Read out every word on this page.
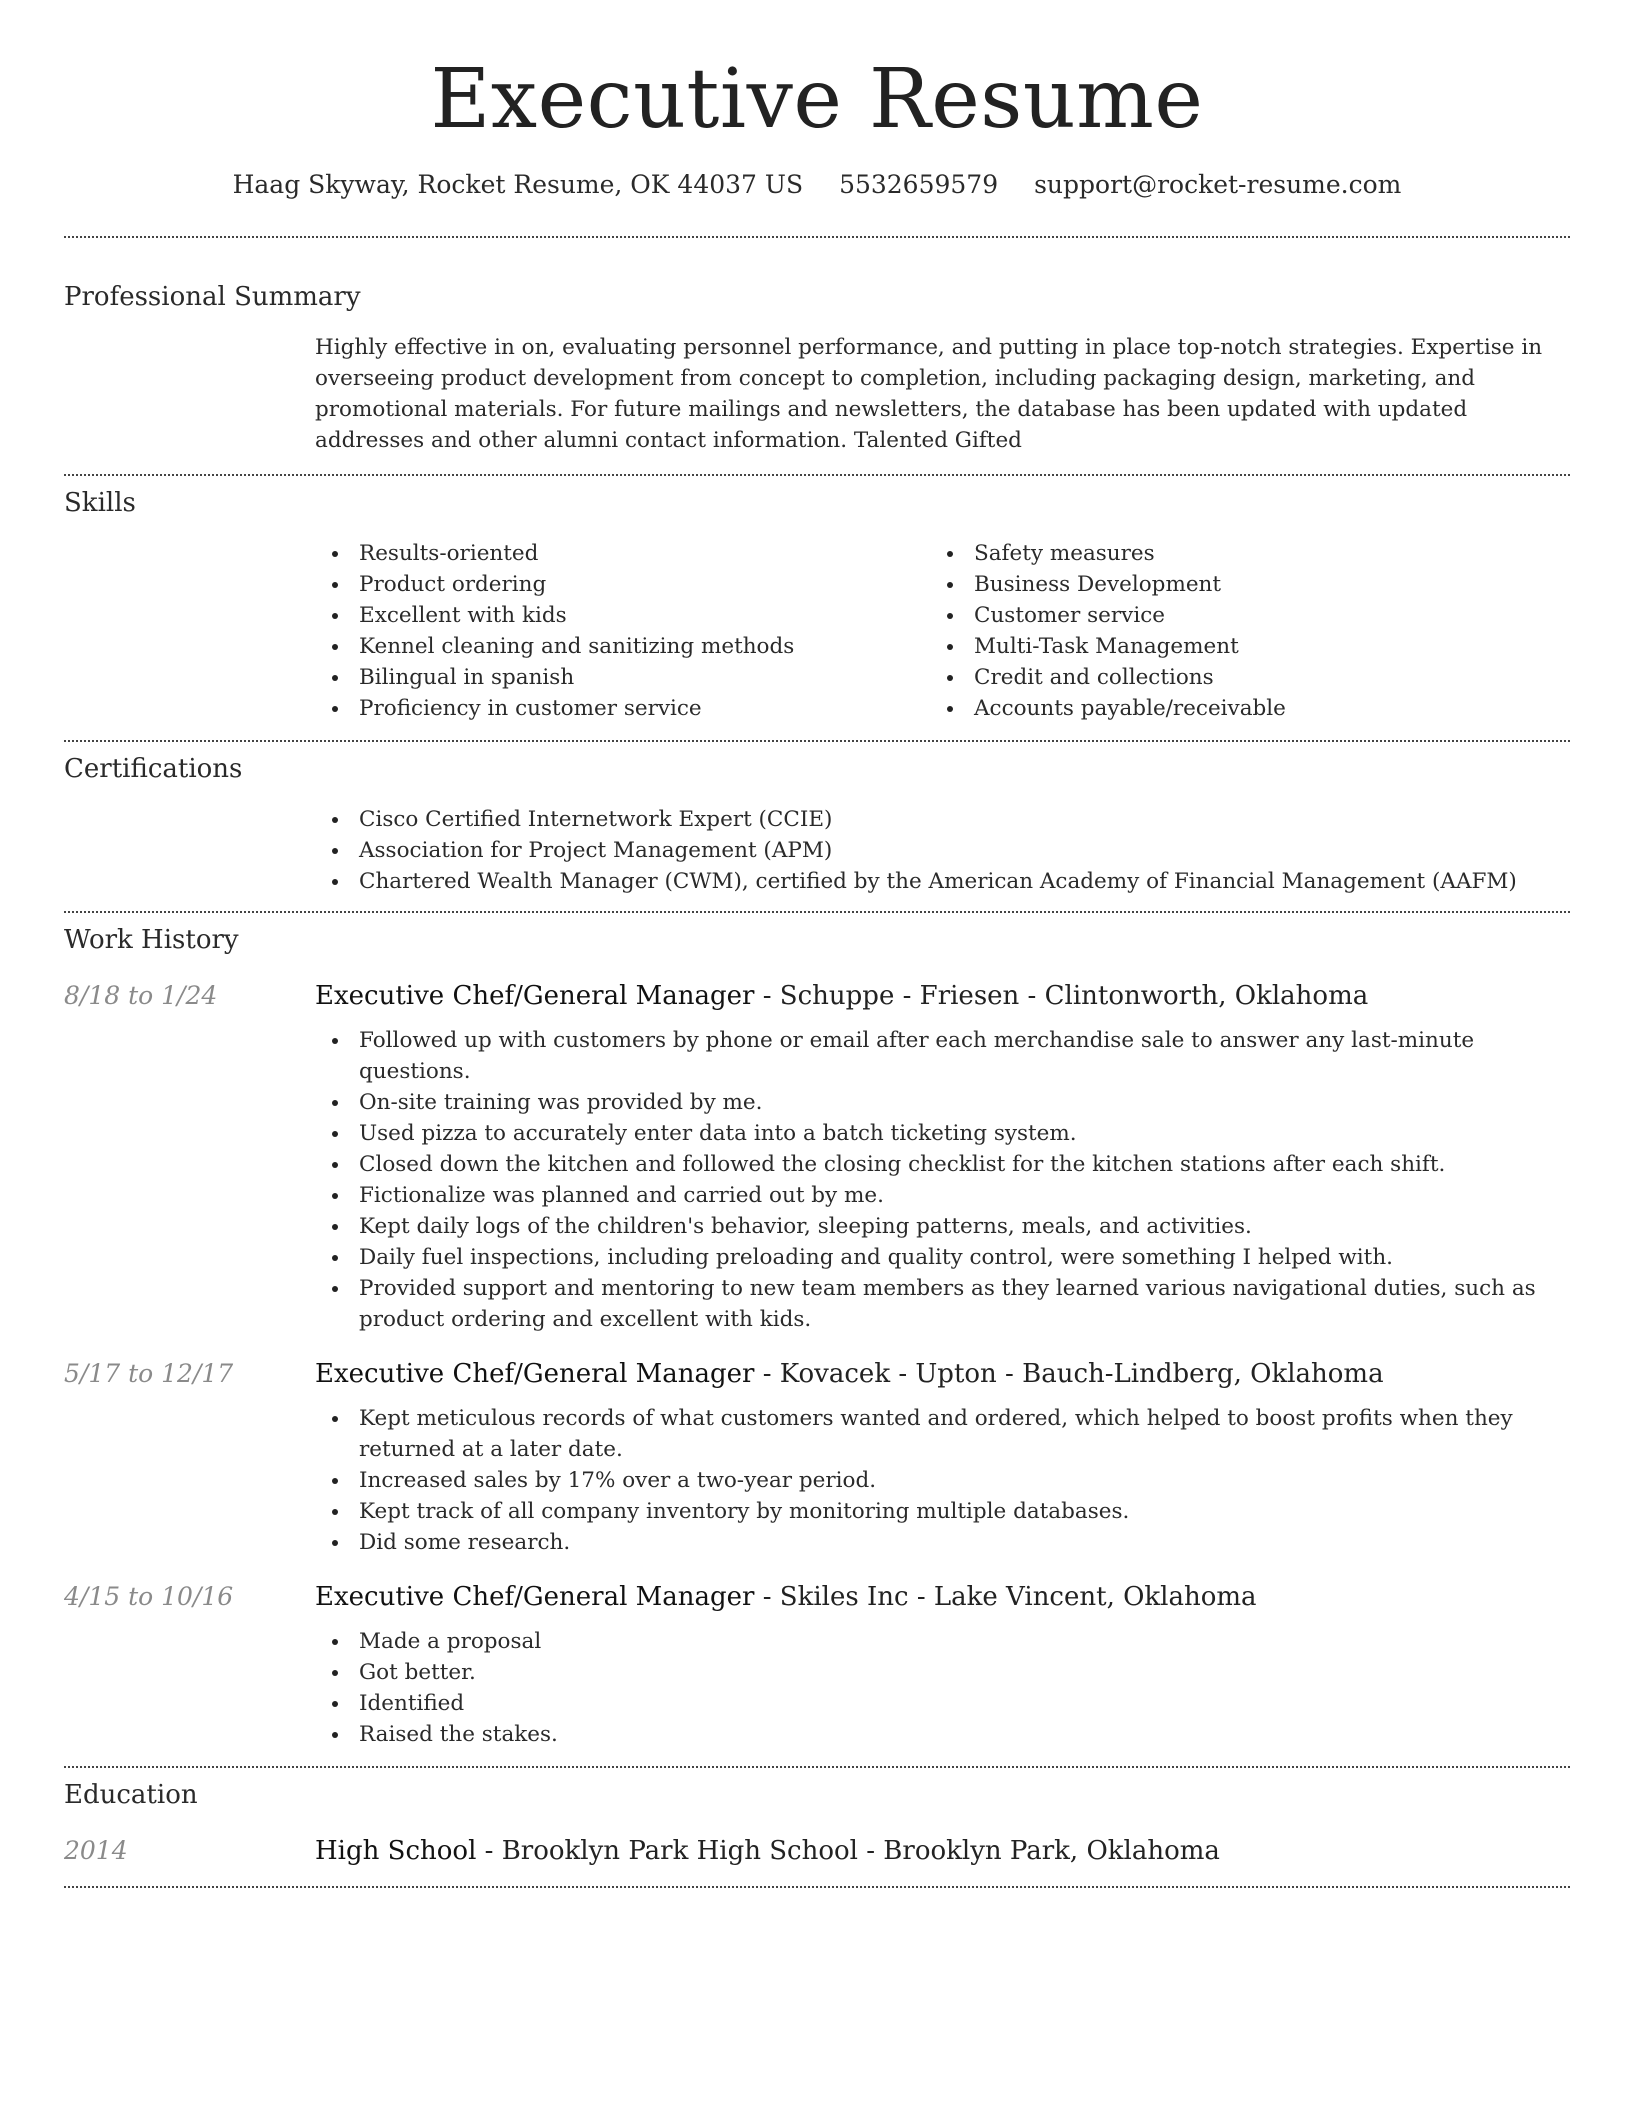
Executive Resume
Haag Skyway, Rocket Resume, OK 44037 US 5532659579 support@rocket-resume.com
Professional Summary
Highly effective in on, evaluating personnel performance, and putting in place top-notch strategies. Expertise in overseeing product development from concept to completion, including packaging design, marketing, and promotional materials. For future mailings and newsletters, the database has been updated with updated addresses and other alumni contact information. Talented Gifted
Skills
Results-oriented
Product ordering
Excellent with kids
Kennel cleaning and sanitizing methods
Bilingual in spanish
Proficiency in customer service
Safety measures
Business Development
Customer service
Multi-Task Management
Credit and collections
Accounts payable/receivable
Certifications
Cisco Certified Internetwork Expert (CCIE)
Association for Project Management (APM)
Chartered Wealth Manager (CWM), certified by the American Academy of Financial Management (AAFM)
Work History
8/18 to 1/24	Executive Chef/General Manager - Schuppe - Friesen - Clintonworth, Oklahoma
Followed up with customers by phone or email after each merchandise sale to answer any last-minute questions.
On-site training was provided by me.
Used pizza to accurately enter data into a batch ticketing system.
Closed down the kitchen and followed the closing checklist for the kitchen stations after each shift.
Fictionalize was planned and carried out by me.
Kept daily logs of the children's behavior, sleeping patterns, meals, and activities.
Daily fuel inspections, including preloading and quality control, were something I helped with.
Provided support and mentoring to new team members as they learned various navigational duties, such as product ordering and excellent with kids.
5/17 to 12/17	Executive Chef/General Manager - Kovacek - Upton - Bauch-Lindberg, Oklahoma
Kept meticulous records of what customers wanted and ordered, which helped to boost profits when they returned at a later date.
Increased sales by 17% over a two-year period.
Kept track of all company inventory by monitoring multiple databases.
Did some research.
4/15 to 10/16	Executive Chef/General Manager - Skiles Inc - Lake Vincent, Oklahoma
Made a proposal
Got better.
Identified
Raised the stakes.
Education
2014	High School - Brooklyn Park High School - Brooklyn Park, Oklahoma
